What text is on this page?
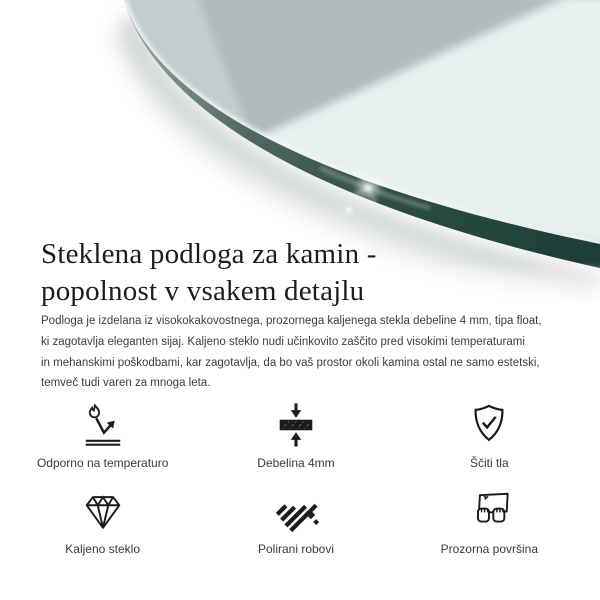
Steklena podloga za kamin -
popolnost v vsakem detajlu
Podloga je izdelana iz visokokakovostnega, prozornega kaljenega stekla debeline 4 mm, tipa float,
ki zagotavlja eleganten sijaj. Kaljeno steklo nudi učinkovito zaščito pred visokimi temperaturami
in mehanskimi poškodbami, kar zagotavlja, da bo vaš prostor okoli kamina ostal ne samo estetski,
temveč tudi varen za mnoga leta.
Odporno na temperaturo	Debelina 4mm	Ščiti tla
Kaljeno steklo	Polirani robovi	Prozorna površina
